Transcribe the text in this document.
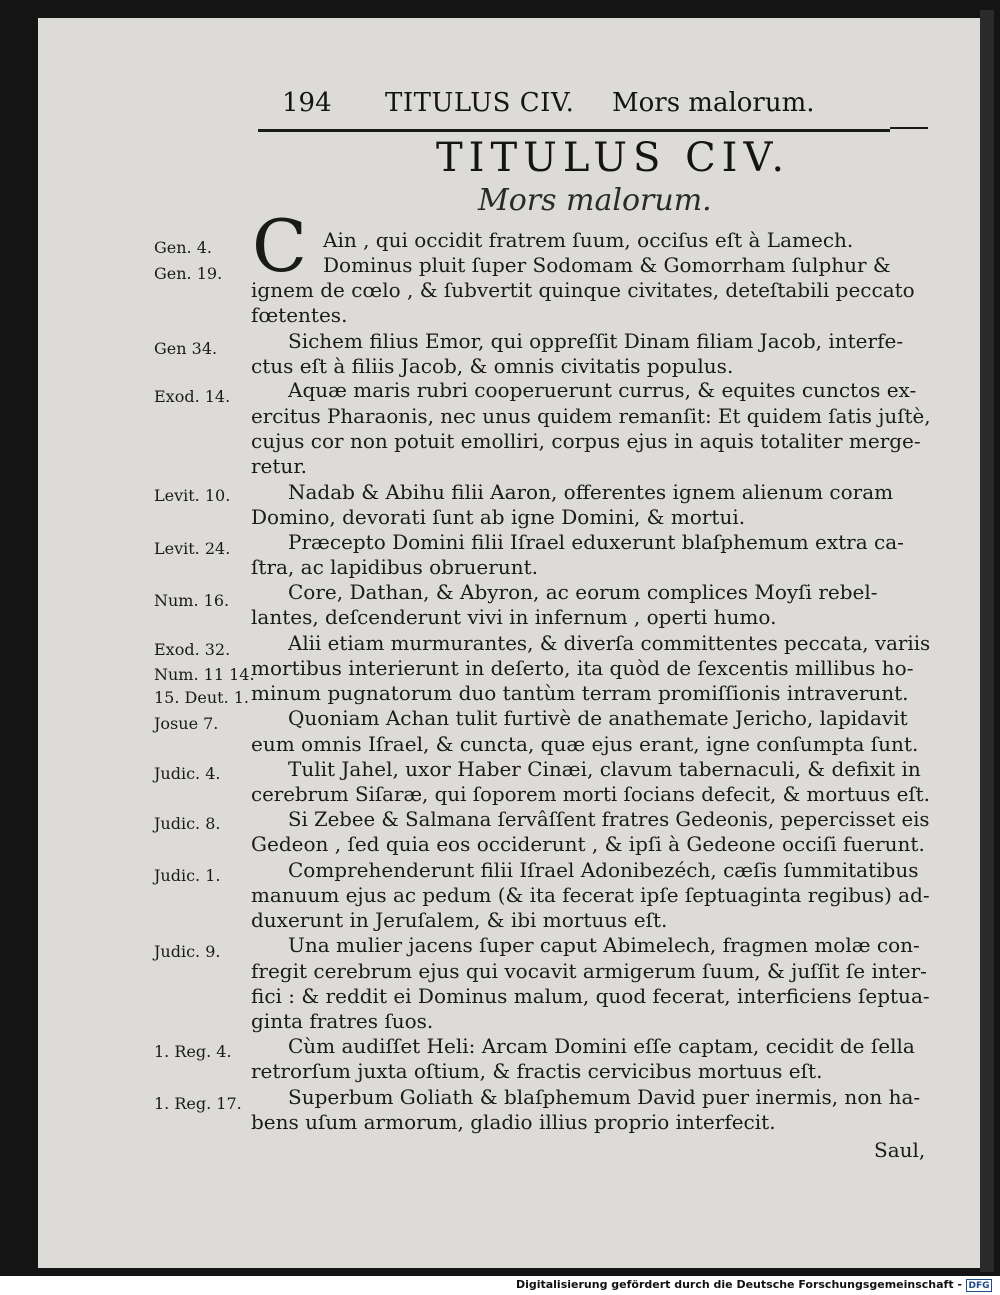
194 TITULUS CIV. Mors malorum.
TITULUS CIV.
Mors malorum.
Gen. 4.
Gen. 19.
Gen 34.
Exod. 14.
Levit. 10.
Levit. 24.
Num. 16.
Exod. 32.
Num. 11 14.
15. Deut. 1.
Josue 7.
Judic. 4.
Judic. 8.
Judic. 1.
Judic. 9.
1. Reg. 4.
1. Reg. 17.
C Ain , qui occidit fratrem ſuum, occiſus eſt à Lamech.
Dominus pluit ſuper Sodomam & Gomorrham ſulphur &
ignem de cœlo , & ſubvertit quinque civitates, deteſtabili peccato
fœtentes.
Sichem filius Emor, qui oppreſſit Dinam filiam Jacob, interfe-
ctus eſt à filiis Jacob, & omnis civitatis populus.
Aquæ maris rubri cooperuerunt currus, & equites cunctos ex-
ercitus Pharaonis, nec unus quidem remanſit: Et quidem ſatis juſtè,
cujus cor non potuit emolliri, corpus ejus in aquis totaliter merge-
retur.
Nadab & Abihu filii Aaron, offerentes ignem alienum coram
Domino, devorati ſunt ab igne Domini, & mortui.
Præcepto Domini filii Iſrael eduxerunt blaſphemum extra ca-
ſtra, ac lapidibus obruerunt.
Core, Dathan, & Abyron, ac eorum complices Moyſi rebel-
lantes, deſcenderunt vivi in infernum , operti humo.
Alii etiam murmurantes, & diverſa committentes peccata, variis
mortibus interierunt in deſerto, ita quòd de ſexcentis millibus ho-
minum pugnatorum duo tantùm terram promiſſionis intraverunt.
Quoniam Achan tulit furtivè de anathemate Jericho, lapidavit
eum omnis Iſrael, & cuncta, quæ ejus erant, igne conſumpta ſunt.
Tulit Jahel, uxor Haber Cinæi, clavum tabernaculi, & defixit in
cerebrum Siſaræ, qui ſoporem morti ſocians defecit, & mortuus eſt.
Si Zebee & Salmana ſervâſſent fratres Gedeonis, pepercisset eis
Gedeon , ſed quia eos occiderunt , & ipſi à Gedeone occiſi fuerunt.
Comprehenderunt filii Iſrael Adonibezéch, cæſis ſummitatibus
manuum ejus ac pedum (& ita fecerat ipſe ſeptuaginta regibus) ad-
duxerunt in Jeruſalem, & ibi mortuus eſt.
Una mulier jacens ſuper caput Abimelech, fragmen molæ con-
fregit cerebrum ejus qui vocavit armigerum ſuum, & juſſit ſe inter-
fici : & reddit ei Dominus malum, quod fecerat, interficiens ſeptua-
ginta fratres ſuos.
Cùm audiſſet Heli: Arcam Domini eſſe captam, cecidit de ſella
retrorſum juxta oſtium, & fractis cervicibus mortuus eſt.
Superbum Goliath & blaſphemum David puer inermis, non ha-
bens uſum armorum, gladio illius proprio interfecit.
Saul,
Digitalisierung gefördert durch die Deutsche Forschungsgemeinschaft - DFG
